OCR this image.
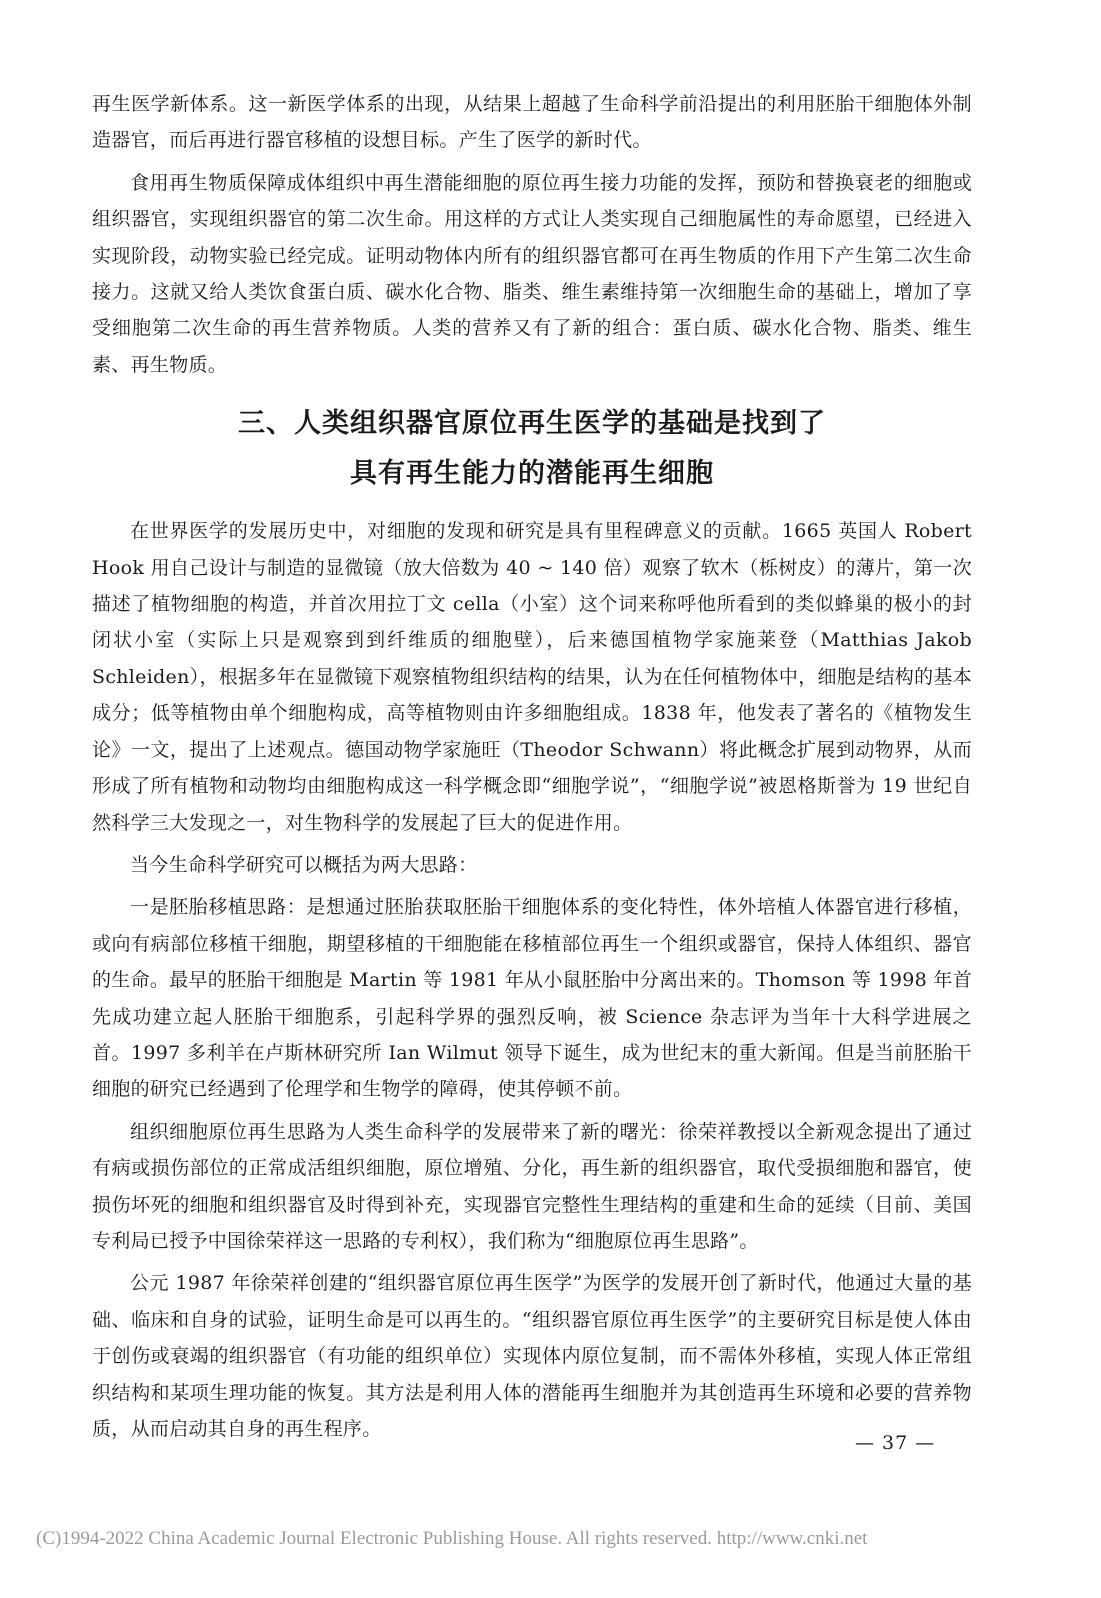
再生医学新体系。这一新医学体系的出现，从结果上超越了生命科学前沿提出的利用胚胎干细胞体外制造器官，而后再进行器官移植的设想目标。产生了医学的新时代。

食用再生物质保障成体组织中再生潜能细胞的原位再生接力功能的发挥，预防和替换衰老的细胞或组织器官，实现组织器官的第二次生命。用这样的方式让人类实现自己细胞属性的寿命愿望，已经进入实现阶段，动物实验已经完成。证明动物体内所有的组织器官都可在再生物质的作用下产生第二次生命接力。这就又给人类饮食蛋白质、碳水化合物、脂类、维生素维持第一次细胞生命的基础上，增加了享受细胞第二次生命的再生营养物质。人类的营养又有了新的组合：蛋白质、碳水化合物、脂类、维生素、再生物质。

三、人类组织器官原位再生医学的基础是找到了
具有再生能力的潜能再生细胞

在世界医学的发展历史中，对细胞的发现和研究是具有里程碑意义的贡献。1665 英国人 Robert Hook 用自己设计与制造的显微镜（放大倍数为 40 ~ 140 倍）观察了软木（栎树皮）的薄片，第一次描述了植物细胞的构造，并首次用拉丁文 cella（小室）这个词来称呼他所看到的类似蜂巢的极小的封闭状小室（实际上只是观察到到纤维质的细胞壁），后来德国植物学家施莱登（Matthias Jakob Schleiden），根据多年在显微镜下观察植物组织结构的结果，认为在任何植物体中，细胞是结构的基本成分；低等植物由单个细胞构成，高等植物则由许多细胞组成。1838 年，他发表了著名的《植物发生论》一文，提出了上述观点。德国动物学家施旺（Theodor Schwann）将此概念扩展到动物界，从而形成了所有植物和动物均由细胞构成这一科学概念即“细胞学说”，“细胞学说”被恩格斯誉为 19 世纪自然科学三大发现之一，对生物科学的发展起了巨大的促进作用。

当今生命科学研究可以概括为两大思路：

一是胚胎移植思路：是想通过胚胎获取胚胎干细胞体系的变化特性，体外培植人体器官进行移植，或向有病部位移植干细胞，期望移植的干细胞能在移植部位再生一个组织或器官，保持人体组织、器官的生命。最早的胚胎干细胞是 Martin 等 1981 年从小鼠胚胎中分离出来的。Thomson 等 1998 年首先成功建立起人胚胎干细胞系，引起科学界的强烈反响，被 Science 杂志评为当年十大科学进展之首。1997 多利羊在卢斯林研究所 Ian Wilmut 领导下诞生，成为世纪末的重大新闻。但是当前胚胎干细胞的研究已经遇到了伦理学和生物学的障碍，使其停顿不前。

组织细胞原位再生思路为人类生命科学的发展带来了新的曙光：徐荣祥教授以全新观念提出了通过有病或损伤部位的正常成活组织细胞，原位增殖、分化，再生新的组织器官，取代受损细胞和器官，使损伤坏死的细胞和组织器官及时得到补充，实现器官完整性生理结构的重建和生命的延续（目前、美国专利局已授予中国徐荣祥这一思路的专利权），我们称为“细胞原位再生思路”。

公元 1987 年徐荣祥创建的“组织器官原位再生医学”为医学的发展开创了新时代，他通过大量的基础、临床和自身的试验，证明生命是可以再生的。“组织器官原位再生医学”的主要研究目标是使人体由于创伤或衰竭的组织器官（有功能的组织单位）实现体内原位复制，而不需体外移植，实现人体正常组织结构和某项生理功能的恢复。其方法是利用人体的潜能再生细胞并为其创造再生环境和必要的营养物质，从而启动其自身的再生程序。

— 37 —
(C)1994-2022 China Academic Journal Electronic Publishing House. All rights reserved. http://www.cnki.net
